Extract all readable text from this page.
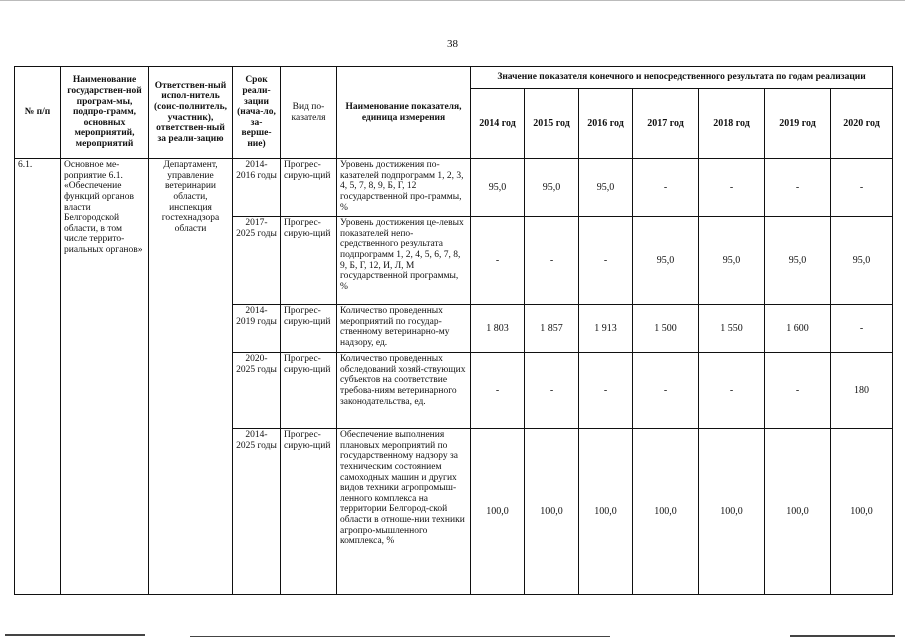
38
№ п/п	Наименование государствен-ной програм-мы, подпро-грамм, основных мероприятий, мероприятий	Ответствен-ный испол-нитель (соис-полнитель, участник), ответствен-ный за реали-зацию	Срок реали-зации (нача-ло, за-верше-ние)	Вид по-казателя	Наименование показателя, единица измерения	Значение показателя конечного и непосредственного результата по годам реализации						
						2014 год	2015 год	2016 год	2017 год	2018 год	2019 год	2020 год
6.1.	Основное ме-роприятие 6.1. «Обеспечение функций органов власти Белгородской области, в том числе террито-риальных органов»	Департамент, управление ветеринарии области, инспекция гостехнадзора области	2014-2016 годы	Прогрес-сирую-щий	Уровень достижения по-казателей подпрограмм 1, 2, 3, 4, 5, 7, 8, 9, Б, Г, 12 государственной про-граммы, %	95,0	95,0	95,0	-	-	-	-
			2017-2025 годы	Прогрес-сирую-щий	Уровень достижения це-левых показателей непо-средственного результата подпрограмм 1, 2, 4, 5, 6, 7, 8, 9, Б, Г, 12, И, Л, М государственной программы, %	-	-	-	95,0	95,0	95,0	95,0
			2014-2019 годы	Прогрес-сирую-щий	Количество проведенных мероприятий по государ-ственному ветеринарно-му надзору, ед.	1 803	1 857	1 913	1 500	1 550	1 600	-
			2020-2025 годы	Прогрес-сирую-щий	Количество проведенных обследований хозяй-ствующих субъектов на соответствие требова-ниям ветеринарного законодательства, ед.	-	-	-	-	-	-	180
			2014-2025 годы	Прогрес-сирую-щий	Обеспечение выполнения плановых мероприятий по государственному надзору за техническим состоянием самоходных машин и других видов техники агропромыш-ленного комплекса на территории Белгород-ской области в отноше-нии техники агропро-мышленного комплекса, %	100,0	100,0	100,0	100,0	100,0	100,0	100,0
